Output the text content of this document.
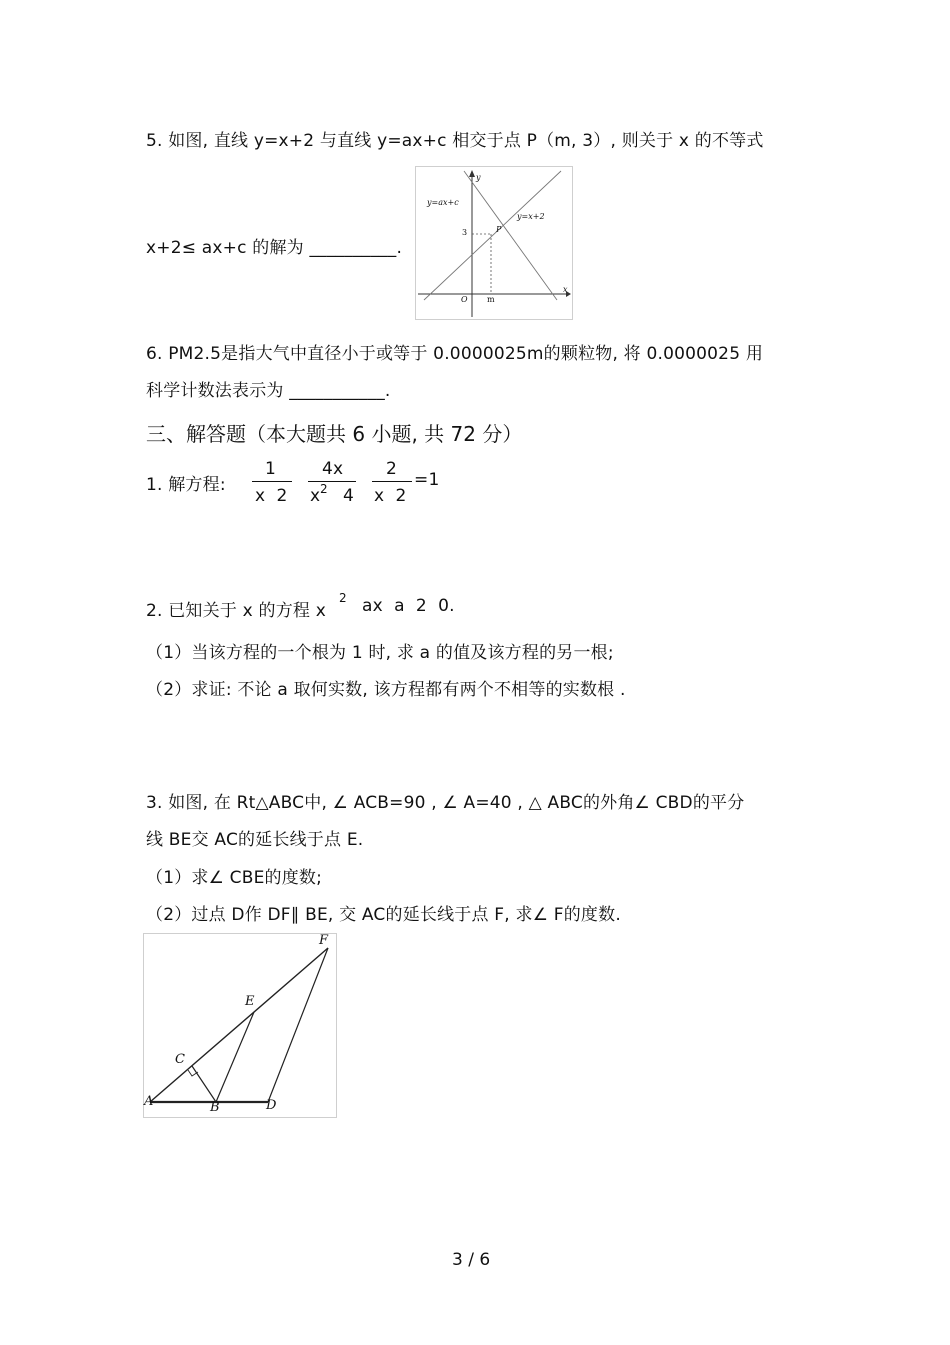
5. 如图, 直线 y=x+2 与直线 y=ax+c 相交于点 P（m, 3）, 则关于 x 的不等式
x+2≤ ax+c 的解为 __________.
y=ax+c
y=x+2
y
x
3	P
O m
6. PM2.5是指大气中直径小于或等于 0.0000025m的颗粒物, 将 0.0000025 用
科学计数法表示为 ___________.
三、解答题（本大题共 6 小题, 共 72 分）
1. 解方程:
1
x  2
4x
x 2 4
2
x  2
=1
2. 已知关于 x 的方程 x
2 ax  a  2  0.
（1）当该方程的一个根为 1 时, 求 a 的值及该方程的另一根;
（2）求证: 不论 a 取何实数, 该方程都有两个不相等的实数根 .
3. 如图, 在 Rt△ABC中, ∠ ACB=90 , ∠ A=40 , △ ABC的外角∠ CBD的平分
线 BE交 AC的延长线于点 E.
（1）求∠ CBE的度数;
（2）过点 D作 DF∥ BE, 交 AC的延长线于点 F, 求∠ F的度数.
F
E
C
A	B	D
3 / 6
